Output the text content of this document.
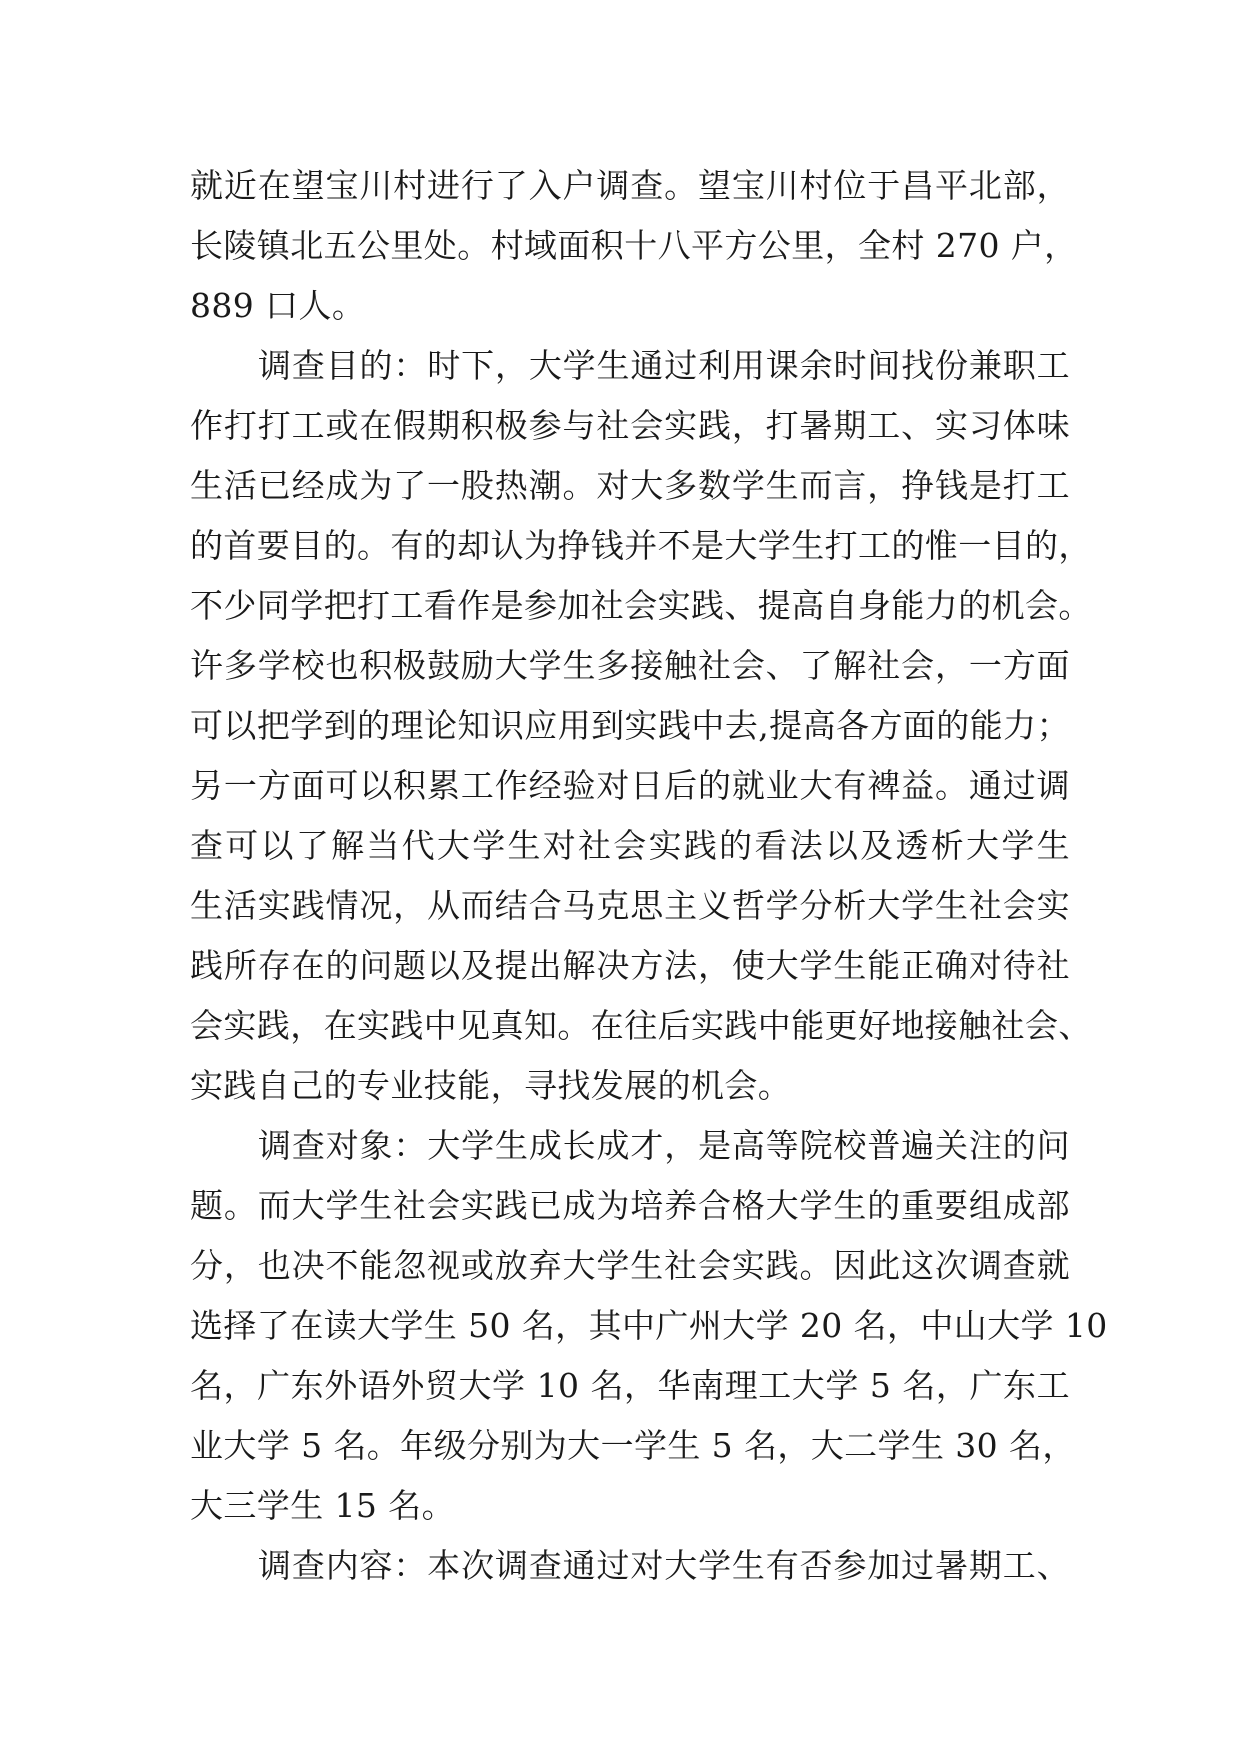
就近在望宝川村进行了入户调查。望宝川村位于昌平北部，
长陵镇北五公里处。村域面积十八平方公里，全村 270 户，
889 口人。
调查目的：时下，大学生通过利用课余时间找份兼职工
作打打工或在假期积极参与社会实践，打暑期工、实习体味
生活已经成为了一股热潮。对大多数学生而言，挣钱是打工
的首要目的。有的却认为挣钱并不是大学生打工的惟一目的，
不少同学把打工看作是参加社会实践、提高自身能力的机会。
许多学校也积极鼓励大学生多接触社会、了解社会，一方面
可以把学到的理论知识应用到实践中去,提高各方面的能力；
另一方面可以积累工作经验对日后的就业大有裨益。通过调
查可以了解当代大学生对社会实践的看法以及透析大学生
生活实践情况，从而结合马克思主义哲学分析大学生社会实
践所存在的问题以及提出解决方法，使大学生能正确对待社
会实践，在实践中见真知。在往后实践中能更好地接触社会、
实践自己的专业技能，寻找发展的机会。
调查对象：大学生成长成才，是高等院校普遍关注的问
题。而大学生社会实践已成为培养合格大学生的重要组成部
分，也决不能忽视或放弃大学生社会实践。因此这次调查就
选择了在读大学生 50 名，其中广州大学 20 名，中山大学 10
名，广东外语外贸大学 10 名，华南理工大学 5 名，广东工
业大学 5 名。年级分别为大一学生 5 名，大二学生 30 名，
大三学生 15 名。
调查内容：本次调查通过对大学生有否参加过暑期工、
